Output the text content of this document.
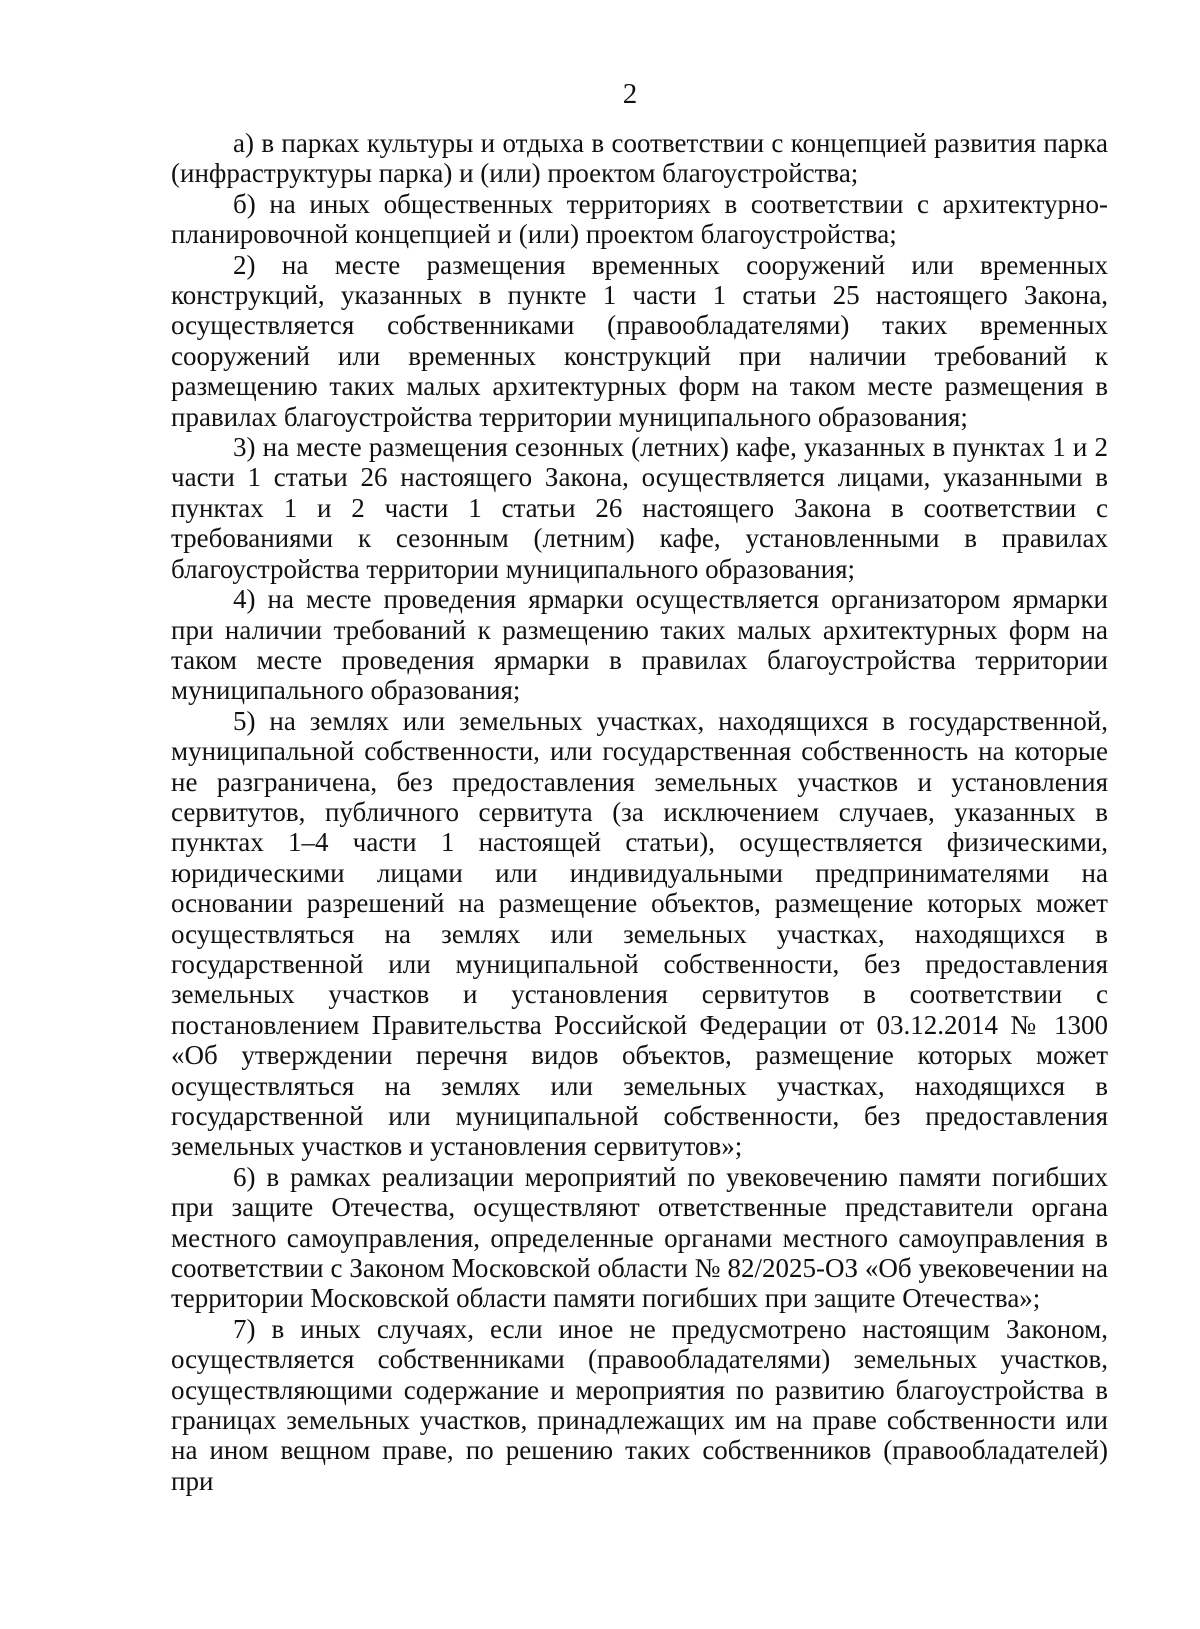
2

а) в парках культуры и отдыха в соответствии с концепцией развития парка (инфраструктуры парка) и (или) проектом благоустройства;

б) на иных общественных территориях в соответствии с архитектурно-планировочной концепцией и (или) проектом благоустройства;

2) на месте размещения временных сооружений или временных конструкций, указанных в пункте 1 части 1 статьи 25 настоящего Закона, осуществляется собственниками (правообладателями) таких временных сооружений или временных конструкций при наличии требований к размещению таких малых архитектурных форм на таком месте размещения в правилах благоустройства территории муниципального образования;

3) на месте размещения сезонных (летних) кафе, указанных в пунктах 1 и 2 части 1 статьи 26 настоящего Закона, осуществляется лицами, указанными в пунктах 1 и 2 части 1 статьи 26 настоящего Закона в соответствии с требованиями к сезонным (летним) кафе, установленными в правилах благоустройства территории муниципального образования;

4) на месте проведения ярмарки осуществляется организатором ярмарки при наличии требований к размещению таких малых архитектурных форм на таком месте проведения ярмарки в правилах благоустройства территории муниципального образования;

5) на землях или земельных участках, находящихся в государственной, муниципальной собственности, или государственная собственность на которые не разграничена, без предоставления земельных участков и установления сервитутов, публичного сервитута (за исключением случаев, указанных в пунктах 1–4 части 1 настоящей статьи), осуществляется физическими, юридическими лицами или индивидуальными предпринимателями на основании разрешений на размещение объектов, размещение которых может осуществляться на землях или земельных участках, находящихся в государственной или муниципальной собственности, без предоставления земельных участков и установления сервитутов в соответствии с постановлением Правительства Российской Федерации от 03.12.2014 № 1300 «Об утверждении перечня видов объектов, размещение которых может осуществляться на землях или земельных участках, находящихся в государственной или муниципальной собственности, без предоставления земельных участков и установления сервитутов»;

6) в рамках реализации мероприятий по увековечению памяти погибших при защите Отечества, осуществляют ответственные представители органа местного самоуправления, определенные органами местного самоуправления в соответствии с Законом Московской области № 82/2025-ОЗ «Об увековечении на территории Московской области памяти погибших при защите Отечества»;

7) в иных случаях, если иное не предусмотрено настоящим Законом, осуществляется собственниками (правообладателями) земельных участков, осуществляющими содержание и мероприятия по развитию благоустройства в границах земельных участков, принадлежащих им на праве собственности или на ином вещном праве, по решению таких собственников (правообладателей) при
